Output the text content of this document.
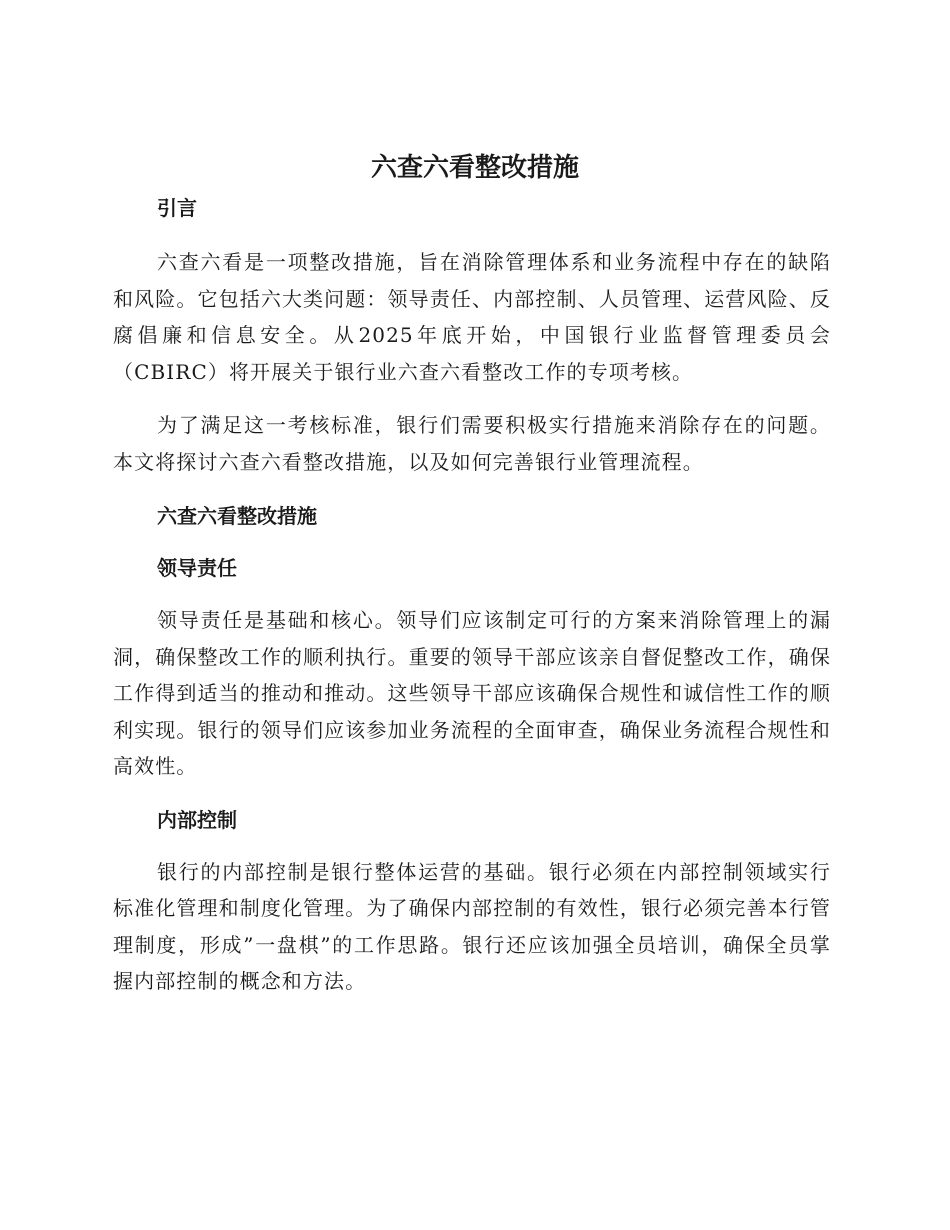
六查六看整改措施
引言

六查六看是一项整改措施，旨在消除管理体系和业务流程中存在的缺陷和风险。它包括六大类问题：领导责任、内部控制、人员管理、运营风险、反腐倡廉和信息安全。从2025年底开始，中国银行业监督管理委员会（CBIRC）将开展关于银行业六查六看整改工作的专项考核。

为了满足这一考核标准，银行们需要积极实行措施来消除存在的问题。本文将探讨六查六看整改措施，以及如何完善银行业管理流程。

六查六看整改措施
领导责任

领导责任是基础和核心。领导们应该制定可行的方案来消除管理上的漏洞，确保整改工作的顺利执行。重要的领导干部应该亲自督促整改工作，确保工作得到适当的推动和推动。这些领导干部应该确保合规性和诚信性工作的顺利实现。银行的领导们应该参加业务流程的全面审查，确保业务流程合规性和高效性。

内部控制

银行的内部控制是银行整体运营的基础。银行必须在内部控制领域实行标准化管理和制度化管理。为了确保内部控制的有效性，银行必须完善本行管理制度，形成”一盘棋”的工作思路。银行还应该加强全员培训，确保全员掌握内部控制的概念和方法。
